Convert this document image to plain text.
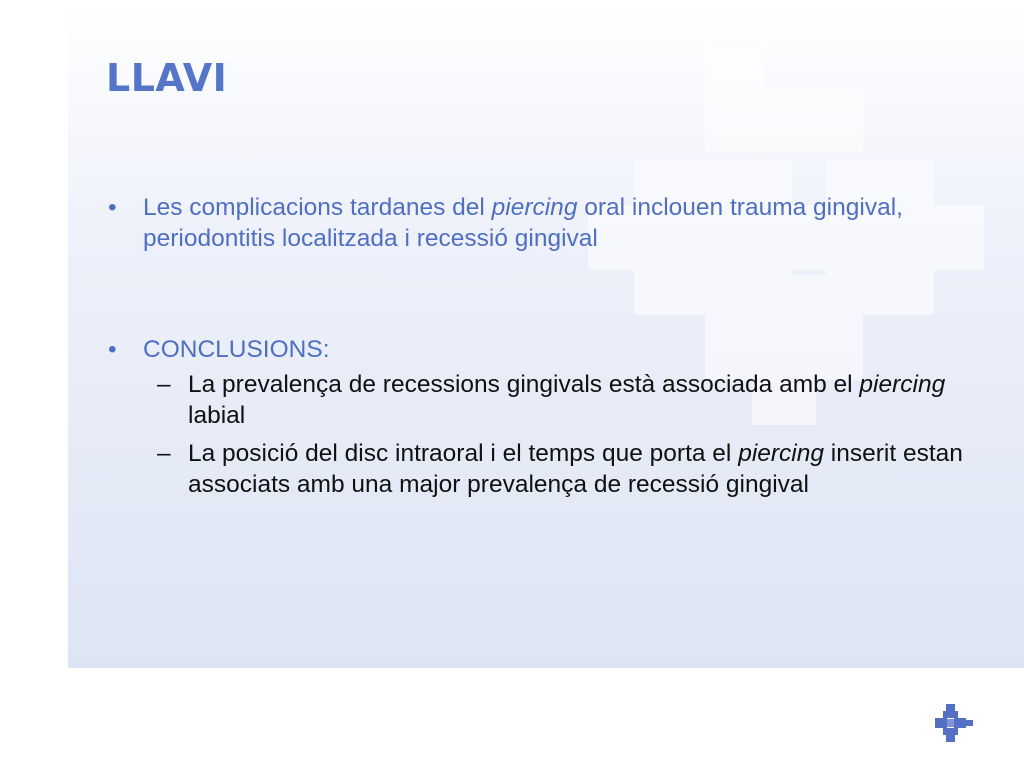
LLAVI
• Les complicacions tardanes del piercing oral inclouen trauma gingival, periodontitis localitzada i recessió gingival
• CONCLUSIONS:
– La prevalença de recessions gingivals està associada amb el piercing labial
– La posició del disc intraoral i el temps que porta el piercing inserit estan associats amb una major prevalença de recessió gingival
